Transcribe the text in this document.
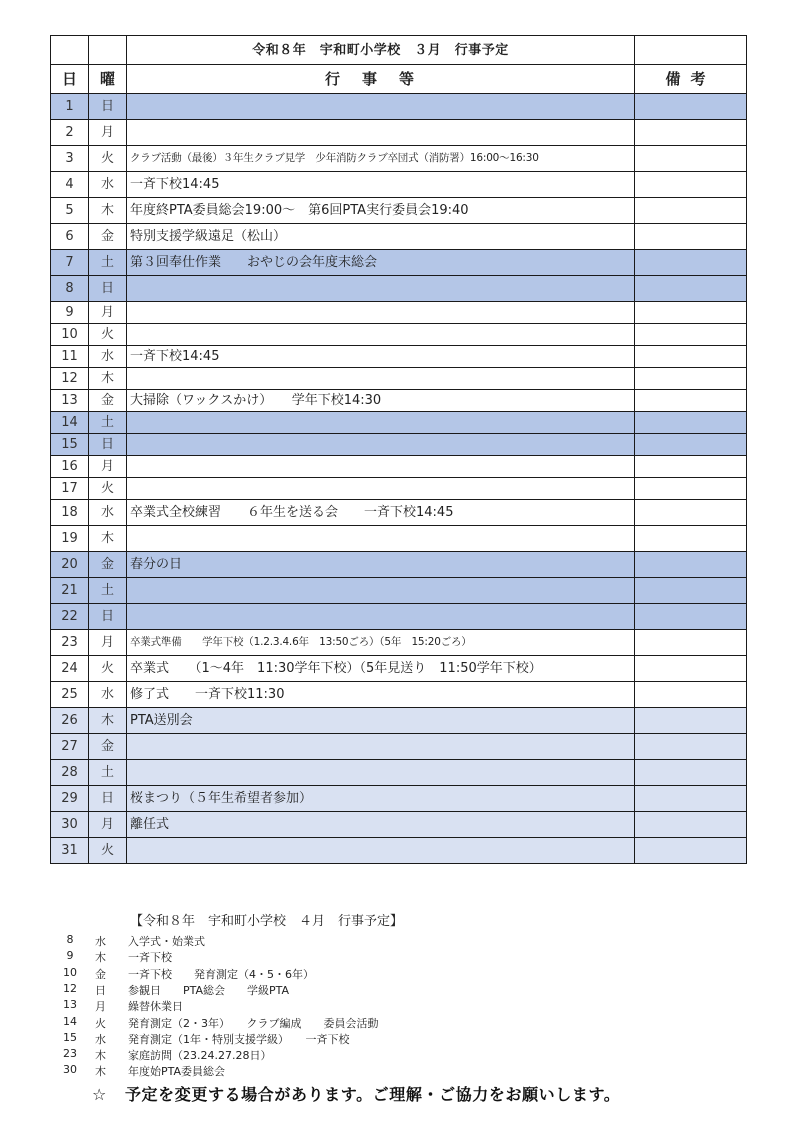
		令和８年　宇和町小学校　３月　行事予定	
日	曜	行事等	備考
1	日		
2	月		
3	火	クラブ活動（最後）３年生クラブ見学　少年消防クラブ卒団式（消防署）16:00～16:30	
4	水	一斉下校14:45	
5	木	年度終PTA委員総会19:00～　第6回PTA実行委員会19:40	
6	金	特別支援学級遠足（松山）	
7	土	第３回奉仕作業　　おやじの会年度末総会	
8	日		
9	月		
10	火		
11	水	一斉下校14:45	
12	木		
13	金	大掃除（ワックスかけ）　　学年下校14:30	
14	土		
15	日		
16	月		
17	火		
18	水	卒業式全校練習　　６年生を送る会　　一斉下校14:45	
19	木		
20	金	春分の日	
21	土		
22	日		
23	月	卒業式準備　　学年下校（1.2.3.4.6年　13:50ごろ）（5年　15:20ごろ）	
24	火	卒業式　　（1～4年　11:30学年下校）（5年見送り　11:50学年下校）	
25	水	修了式　　一斉下校11:30	
26	木	PTA送別会	
27	金		
28	土		
29	日	桜まつり（５年生希望者参加）	
30	月	離任式	
31	火		
【令和８年　宇和町小学校　４月　行事予定】
8	水 入学式・始業式
9	木 一斉下校
10 金 一斉下校　　発育測定（4・5・6年）
12 日 参観日　　PTA総会　　学級PTA
13 月 繰替休業日
14 火 発育測定（2・3年）　　クラブ編成　　委員会活動
15 水 発育測定（1年・特別支援学級）　　一斉下校
23 木 家庭訪問（23.24.27.28日）
30 木 年度始PTA委員総会
☆ 予定を変更する場合があります。ご理解・ご協力をお願いします。
